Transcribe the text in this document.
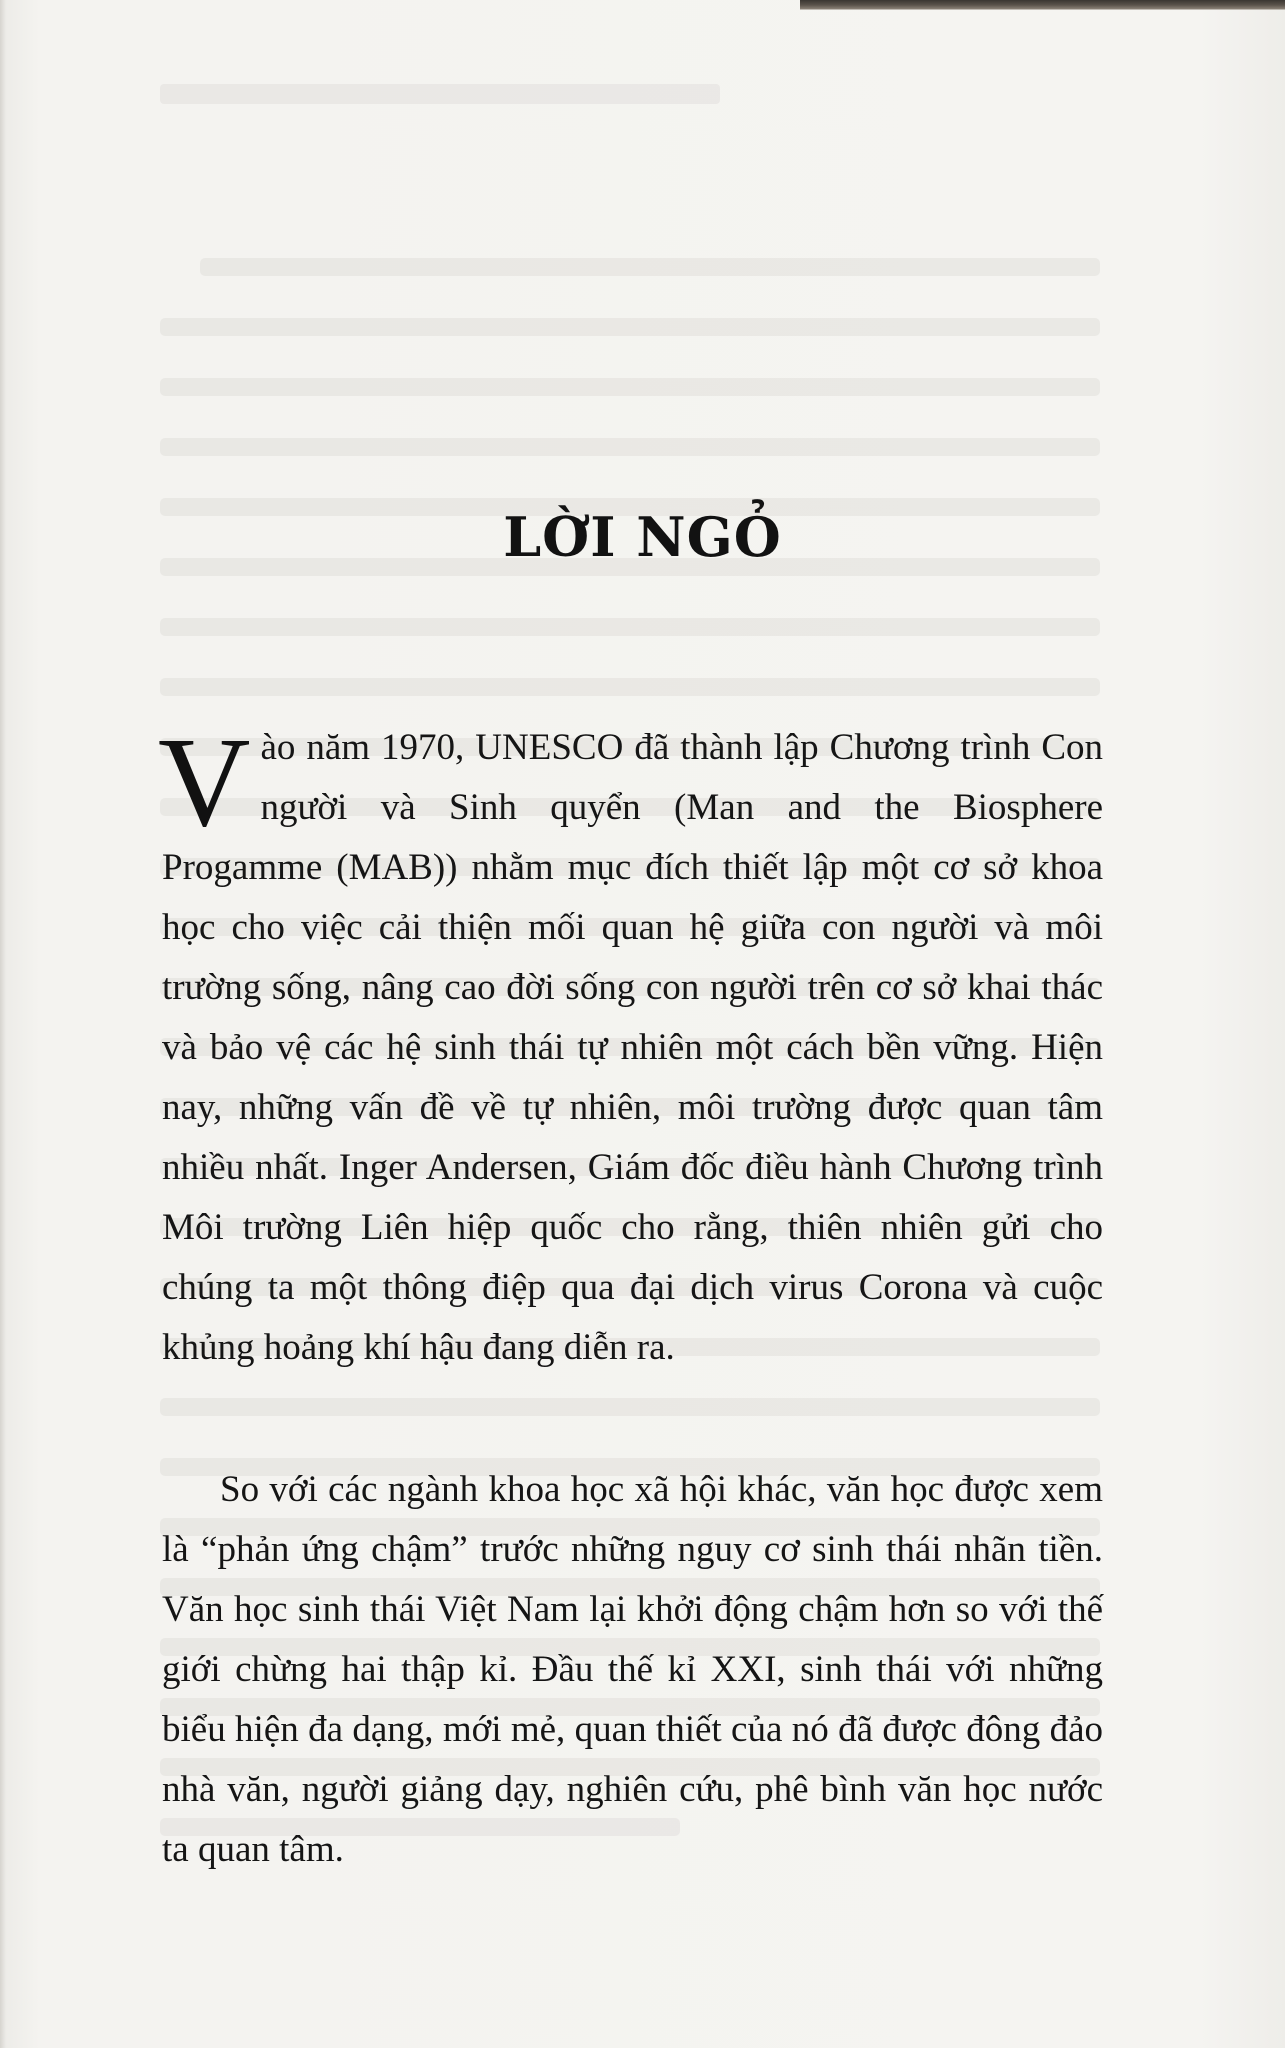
LỜI NGỎ
Vào năm 1970, UNESCO đã thành lập Chương trình Con người và Sinh quyển (Man and the Biosphere Progamme (MAB)) nhằm mục đích thiết lập một cơ sở khoa học cho việc cải thiện mối quan hệ giữa con người và môi trường sống, nâng cao đời sống con người trên cơ sở khai thác và bảo vệ các hệ sinh thái tự nhiên một cách bền vững. Hiện nay, những vấn đề về tự nhiên, môi trường được quan tâm nhiều nhất. Inger Andersen, Giám đốc điều hành Chương trình Môi trường Liên hiệp quốc cho rằng, thiên nhiên gửi cho chúng ta một thông điệp qua đại dịch virus Corona và cuộc khủng hoảng khí hậu đang diễn ra.
So với các ngành khoa học xã hội khác, văn học được xem là “phản ứng chậm” trước những nguy cơ sinh thái nhãn tiền. Văn học sinh thái Việt Nam lại khởi động chậm hơn so với thế giới chừng hai thập kỉ. Đầu thế kỉ XXI, sinh thái với những biểu hiện đa dạng, mới mẻ, quan thiết của nó đã được đông đảo nhà văn, người giảng dạy, nghiên cứu, phê bình văn học nước ta quan tâm.
